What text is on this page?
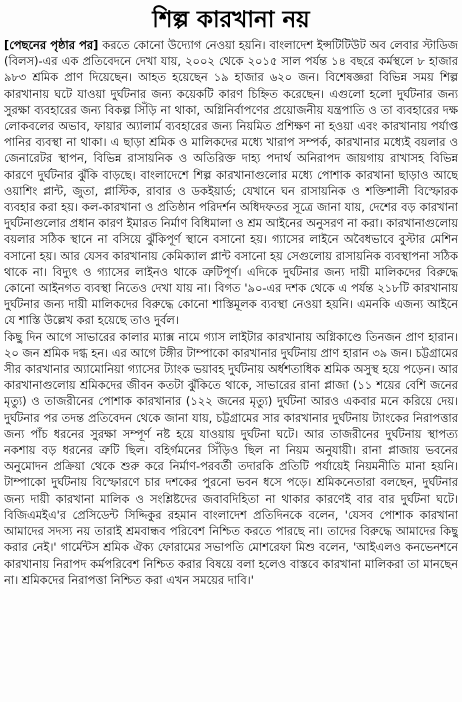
শিল্প কারখানা নয়

[পেছনের পৃষ্ঠার পর] করতে কোনো উদ্যোগ নেওয়া হয়নি। বাংলাদেশ ইন্সটিটিউট অব লেবার স্টাডিজ (বিলস)-এর এক প্রতিবেদনে দেখা যায়, ২০০২ থেকে ২০১৫ সাল পর্যন্ত ১৪ বছরে কর্মস্থলে ৮ হাজার ৯৮৩ শ্রমিক প্রাণ দিয়েছেন। আহত হয়েছেন ১৯ হাজার ৬২০ জন। বিশেষজ্ঞরা বিভিন্ন সময় শিল্প কারখানায় ঘটে যাওয়া দুর্ঘটনার জন্য কয়েকটি কারণ চিহ্নিত করেছেন। এগুলো হলো দুর্ঘটনার জন্য সুরক্ষা ব্যবহারের জন্য বিকল্প সিঁড়ি না থাকা, অগ্নিনির্বাপণের প্রয়োজনীয় যন্ত্রপাতি ও তা ব্যবহারের দক্ষ লোকবলের অভাব, ফায়ার অ্যালার্ম ব্যবহারের জন্য নিয়মিত প্রশিক্ষণ না হওয়া এবং কারখানায় পর্যাপ্ত পানির ব্যবস্থা না থাকা। এ ছাড়া শ্রমিক ও মালিকদের মধ্যে খারাপ সম্পর্ক, কারখানার মধ্যেই বয়লার ও জেনারেটর স্থাপন, বিভিন্ন রাসায়নিক ও অতিরিক্ত দাহ্য পদার্থ অনিরাপদ জায়গায় রাখাসহ বিভিন্ন কারণে দুর্ঘটনার ঝুঁকি বাড়ছে। বাংলাদেশে শিল্প কারখানাগুলোর মধ্যে পোশাক কারখানা ছাড়াও আছে ওয়াশিং প্লান্ট, জুতা, প্লাস্টিক, রাবার ও ডকইয়ার্ড; যেখানে ঘন রাসায়নিক ও শক্তিশালী বিস্ফোরক ব্যবহার করা হয়। কল-কারখানা ও প্রতিষ্ঠান পরিদর্শন অধিদফতর সূত্রে জানা যায়, দেশের বড় কারখানা দুর্ঘটনাগুলোর প্রধান কারণ ইমারত নির্মাণ বিধিমালা ও শ্রম আইনের অনুসরণ না করা। কারখানাগুলোয় বয়লার সঠিক স্থানে না বসিয়ে ঝুঁকিপূর্ণ স্থানে বসানো হয়। গ্যাসের লাইনে অবৈধভাবে বুস্টার মেশিন বসানো হয়। আর যেসব কারখানায় কেমিক্যাল প্লান্ট বসানো হয় সেগুলোয় রাসায়নিক ব্যবস্থাপনা সঠিক থাকে না। বিদ্যুৎ ও গ্যাসের লাইনও থাকে ত্রুটিপূর্ণ। এদিকে দুর্ঘটনার জন্য দায়ী মালিকদের বিরুদ্ধে কোনো আইনগত ব্যবস্থা নিতেও দেখা যায় না। বিগত '৯০-এর দশক থেকে এ পর্যন্ত ২১৮টি কারখানায় দুর্ঘটনার জন্য দায়ী মালিকদের বিরুদ্ধে কোনো শাস্তিমূলক ব্যবস্থা নেওয়া হয়নি। এমনকি এজন্য আইনে যে শাস্তি উল্লেখ করা হয়েছে তাও দুর্বল।

কিছু দিন আগে সাভারের কালার ম্যাক্স নামে গ্যাস লাইটার কারখানায় অগ্নিকাণ্ডে তিনজন প্রাণ হারান। ২০ জন শ্রমিক দগ্ধ হন। এর আগে টঙ্গীর টাম্পাকো কারখানার দুর্ঘটনায় প্রাণ হারান ৩৯ জন। চট্টগ্রামের সীর কারখানার অ্যামোনিয়া গ্যাসের ট্যাংক ভয়াবহ দুর্ঘটনায় অর্ধশতাধিক শ্রমিক অসুস্থ হয়ে পড়েন। আর কারখানাগুলোয় শ্রমিকদের জীবন কতটা ঝুঁকিতে থাকে, সাভারের রানা প্লাজা (১১ শয়ের বেশি জনের মৃত্যু) ও তাজরীনের পোশাক কারখানার (১২২ জনের মৃত্যু) দুর্ঘটনা আরও একবার মনে করিয়ে দেয়। দুর্ঘটনার পর তদন্ত প্রতিবেদন থেকে জানা যায়, চট্টগ্রামের সার কারখানার দুর্ঘটনায় ট্যাংকের নিরাপত্তার জন্য পাঁচ ধরনের সুরক্ষা সম্পূর্ণ নষ্ট হয়ে যাওয়ায় দুর্ঘটনা ঘটে। আর তাজরীনের দুর্ঘটনায় স্থাপত্য নকশায় বড় ধরনের ত্রুটি ছিল। বহির্গমনের সিঁড়িও ছিল না নিয়ম অনুযায়ী। রানা প্লাজায় ভবনের অনুমোদন প্রক্রিয়া থেকে শুরু করে নির্মাণ-পরবর্তী তদারকি প্রতিটি পর্যায়েই নিয়মনীতি মানা হয়নি। টাম্পাকো দুর্ঘটনায় বিস্ফোরণে চার দশকের পুরনো ভবন ধসে পড়ে। শ্রমিকনেতারা বলছেন, দুর্ঘটনার জন্য দায়ী কারখানা মালিক ও সংশ্লিষ্টদের জবাবদিহিতা না থাকার কারণেই বার বার দুর্ঘটনা ঘটে। বিজিএমইএ'র প্রেসিডেন্ট সিদ্দিকুর রহমান বাংলাদেশ প্রতিদিনকে বলেন, 'যেসব পোশাক কারখানা আমাদের সদস্য নয় তারাই শ্রমবান্ধব পরিবেশ নিশ্চিত করতে পারছে না। তাদের বিরুদ্ধে আমাদের কিছু করার নেই।' গার্মেন্টস শ্রমিক ঐক্য ফোরামের সভাপতি মোশরেফা মিশু বলেন, 'আইএলও কনভেনশনে কারখানায় নিরাপদ কর্মপরিবেশ নিশ্চিত করার বিষয়ে বলা হলেও বাস্তবে কারখানা মালিকরা তা মানছেন না। শ্রমিকদের নিরাপত্তা নিশ্চিত করা এখন সময়ের দাবি।'
